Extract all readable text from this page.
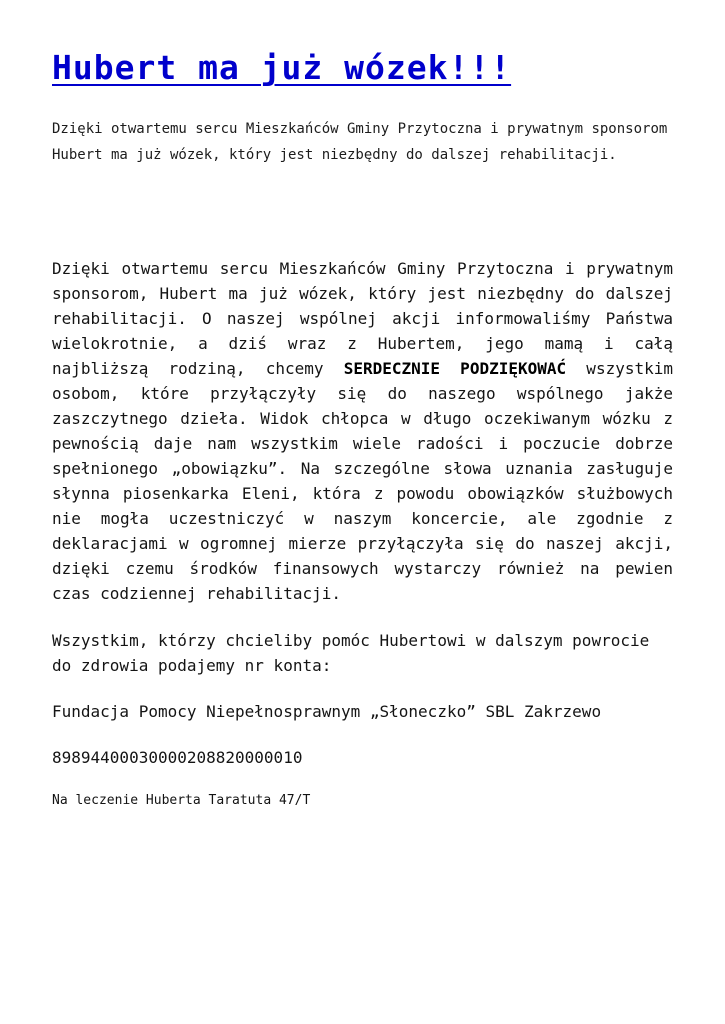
Hubert ma już wózek!!!

Dzięki otwartemu sercu Mieszkańców Gminy Przytoczna i prywatnym sponsorom Hubert ma już wózek, który jest niezbędny do dalszej rehabilitacji.

Dzięki otwartemu sercu Mieszkańców Gminy Przytoczna i prywatnym sponsorom, Hubert ma już wózek, który jest niezbędny do dalszej rehabilitacji. O naszej wspólnej akcji informowaliśmy Państwa wielokrotnie, a dziś wraz z Hubertem, jego mamą i całą najbliższą rodziną, chcemy SERDECZNIE PODZIĘKOWAĆ wszystkim osobom, które przyłączyły się do naszego wspólnego jakże zaszczytnego dzieła. Widok chłopca w długo oczekiwanym wózku z pewnością daje nam wszystkim wiele radości i poczucie dobrze spełnionego „obowiązku”. Na szczególne słowa uznania zasługuje słynna piosenkarka Eleni, która z powodu obowiązków służbowych nie mogła uczestniczyć w naszym koncercie, ale zgodnie z deklaracjami w ogromnej mierze przyłączyła się do naszej akcji, dzięki czemu środków finansowych wystarczy również na pewien czas codziennej rehabilitacji.

Wszystkim, którzy chcieliby pomóc Hubertowi w dalszym powrocie do zdrowia podajemy nr konta:

Fundacja Pomocy Niepełnosprawnym „Słoneczko” SBL Zakrzewo

89894400030000208820000010

Na leczenie Huberta Taratuta 47/T
